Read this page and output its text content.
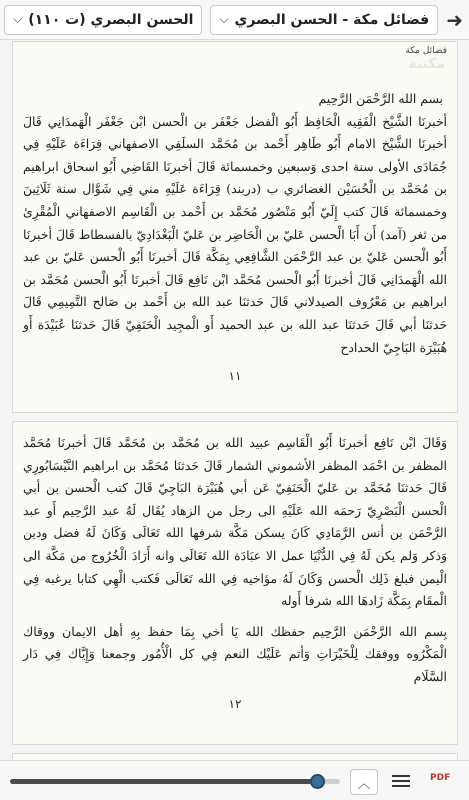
➜
فضائل مكة - الحسن البصري
⌵
الحسن البصري (ت ١١٠)
⌵
فضائل مكة
مكتبة

بسم الله الرَّحْمَن الرَّحِيم

أخبرنَا الشَّيْخ الْفَقِيه الْحَافِظ أَبُو الْفضل جَعْفَر بن الْحسن ابْن جَعْفَر الْهَمدَانِي قَالَ أخبرنَا الشَّيْخ الامام أَبُو طَاهِر أَحْمد بن مُحَمَّد السلَفِي الاصفهاني قِرَاءَة عَلَيْهِ فِي جُمَادَى الأولى سنة احدى وَسبعين وخمسمائة قَالَ أخبرنَا القَاضِي أَبُو اسحاق ابراهيم بن مُحَمَّد بن الْحُسَيْن الغضائري ب (دربند) قِرَاءَة عَلَيْهِ مني فِي شَوَّال سنة ثَلَاثِينَ وخمسمائة قَالَ كتب إِلَيّ أَبُو مَنْصُور مُحَمَّد بن أَحْمد بن الْقَاسِم الاصفهاني الْمُقْرِئ من ثغر (آمد) أَن أَبَا الْحسن عَليّ بن الْحَاضِر بن عَليّ الْبَغْدَادِيّ بالفسطاط قَالَ أخبرنَا أَبُو الْحسن عَليّ بن عبد الرَّحْمَن الشَّافِعِي بِمَكَّة قَالَ أخبرنَا أَبُو الْحسن عَليّ بن عبد الله الْهَمدَانِي قَالَ أخبرنَا أَبُو الْحسن مُحَمَّد ابْن نَافِع قَالَ أخبرنَا أَبُو الْحسن مُحَمَّد بن ابراهيم بن مَعْرُوف الصيدلاني قَالَ حَدثنَا عبد الله بن أَحْمد بن صَالح التَّمِيمِي قَالَ حَدثنَا أبي قَالَ حَدثنَا عبد الله بن عبد الحميد أَو الْمجِيد الْحَنَفِيّ قَالَ حَدثنَا عُبَيْدَة أَو هُبَيْرَة البَاجِيّ الحدادح

١١

وَقَالَ ابْن نَافِع أخبرنَا أَبُو الْقَاسِم عبيد الله بن مُحَمَّد بن مُحَمَّد قَالَ أخبرنَا مُحَمَّد المظفر بن احْمَد المظفر الأشموني الشمار قَالَ حَدثنَا مُحَمَّد بن ابراهيم النَّيْسَابُورِي قَالَ حَدثنَا مُحَمَّد بن عَليّ الْحَنَفِيّ عَن أبي هُبَيْرَة البَاجِيّ قَالَ كتب الْحسن بن أبي الْحسن الْبَصْرِيّ رَحمَه الله عَلَيْهِ الى رجل من الزهاد يُقَال لَهُ عبد الرَّحِيم أَو عبد الرَّحْمَن بن أنس الرَّمَادِي كَانَ يسكن مَكَّة شرفها الله تَعَالَى وَكَانَ لَهُ فضل ودين وَذكر وَلم يكن لَهُ فِي الدُّنْيَا عمل الا عبَادَة الله تَعَالَى وانه أَرَادَ الْخُرُوج من مَكَّة الى الْيمن فبلغ ذَلِك الْحسن وَكَانَ لَهُ مؤاخيه فِي الله تَعَالَى فَكتب الْهِي كتابا يرغبه فِي الْمقَام بِمَكَّة زَادهَا الله شرفا أَوله

بِسم الله الرَّحْمَن الرَّحِيم حفظك الله يَا أخي بِمَا حفظ بِهِ أهل الايمان ووقاك الْمَكْرُوه ووفقك لِلْخَيْرَاتِ وَأتم عَلَيْك النعم فِي كل الْأُمُور وجمعنا وَإِيَّاك فِي دَار السَّلَام

١٢

︿	PDF
